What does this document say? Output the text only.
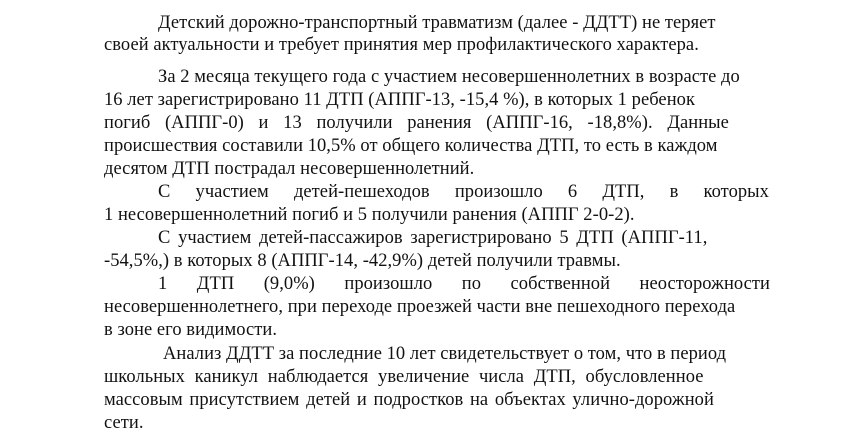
Детский дорожно-транспортный травматизм (далее - ДДТТ) не теряет
своей актуальности и требует принятия мер профилактического характера.
За 2 месяца текущего года с участием несовершеннолетних в возрасте до
16 лет зарегистрировано 11 ДТП (АППГ-13, -15,4 %), в которых 1 ребенок
погиб (АППГ-0) и 13 получили ранения (АППГ-16, -18,8%). Данные
происшествия составили 10,5% от общего количества ДТП, то есть в каждом
десятом ДТП пострадал несовершеннолетний.
С участием детей-пешеходов произошло 6 ДТП, в которых
1 несовершеннолетний погиб и 5 получили ранения (АППГ 2-0-2).
С участием детей-пассажиров зарегистрировано 5 ДТП (АППГ-11,
-54,5%,) в которых 8 (АППГ-14, -42,9%) детей получили травмы.
1 ДТП (9,0%) произошло по собственной неосторожности
несовершеннолетнего, при переходе проезжей части вне пешеходного перехода
в зоне его видимости.
Анализ ДДТТ за последние 10 лет свидетельствует о том, что в период
школьных каникул наблюдается увеличение числа ДТП, обусловленное
массовым присутствием детей и подростков на объектах улично-дорожной
сети.
